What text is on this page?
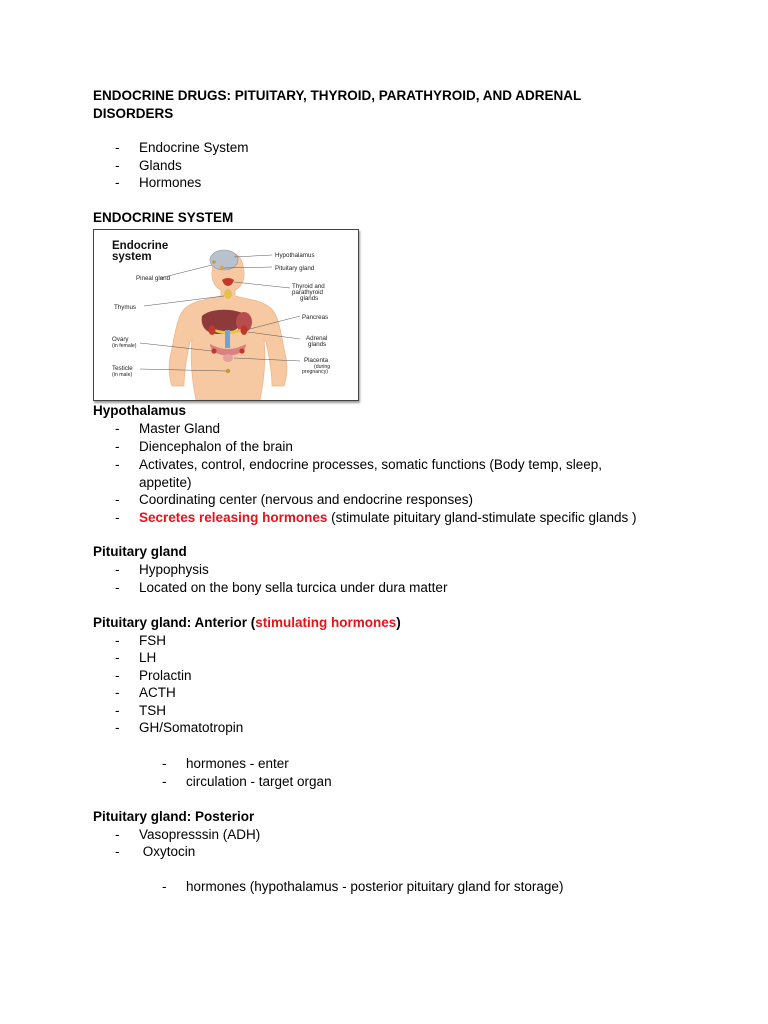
ENDOCRINE DRUGS: PITUITARY, THYROID, PARATHYROID, AND ADRENAL DISORDERS
- Endocrine System
- Glands
- Hormones
ENDOCRINE SYSTEM
Endocrine
system	Hypothalamus
Pituitary gland
Pineal gland
Thyroid and
parathyroid
glands
Thymus
Pancreas
Ovary
(in female)
Adrenal
glands
Placenta
(during
pregnancy)
Testicle
(in male)
Hypothalamus
- Master Gland
- Diencephalon of the brain
- Activates, control, endocrine processes, somatic functions (Body temp, sleep, appetite)
- Coordinating center (nervous and endocrine responses)
- Secretes releasing hormones (stimulate pituitary gland-stimulate specific glands )
Pituitary gland
- Hypophysis
- Located on the bony sella turcica under dura matter
Pituitary gland: Anterior (stimulating hormones)
- FSH
- LH
- Prolactin
- ACTH
- TSH
- GH/Somatotropin
- hormones - enter
- circulation - target organ
Pituitary gland: Posterior
- Vasopresssin (ADH)
- Oxytocin
- hormones (hypothalamus - posterior pituitary gland for storage)
